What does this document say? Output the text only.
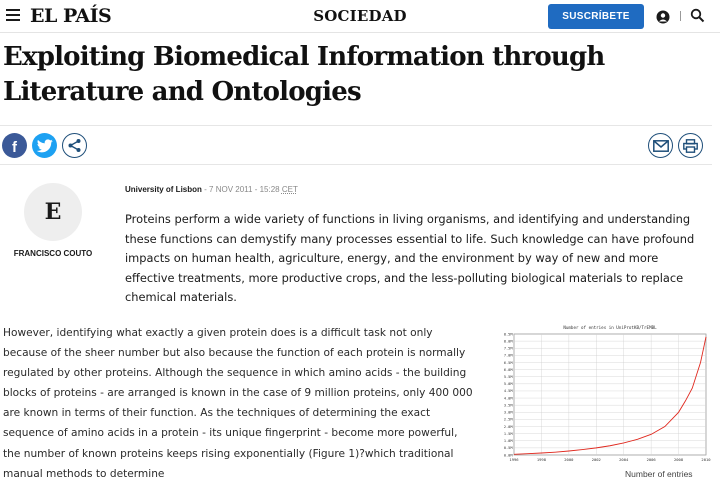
EL PAÍS	SOCIEDAD	SUSCRÍBETE
Exploiting Biomedical Information through Literature and Ontologies
f
E
FRANCISCO COUTO
University of Lisbon - 7 NOV 2011 - 15:28 CET

Proteins perform a wide variety of functions in living organisms, and identifying and understanding these functions can demystify many processes essential to life. Such knowledge can have profound impacts on human health, agriculture, energy, and the environment by way of new and more effective treatments, more productive crops, and the less-polluting biological materials to replace chemical materials.

However, identifying what exactly a given protein does is a difficult task not only because of the sheer number but also because the function of each protein is normally regulated by other proteins. Although the sequence in which amino acids - the building blocks of proteins - are arranged is known in the case of 9 million proteins, only 400 000 are known in terms of their function. As the techniques of determining the exact sequence of amino acids in a protein - its unique fingerprint - become more powerful, the number of known proteins keeps rising exponentially (Figure 1)?which traditional manual methods to determine

Number of entries in UniProtKB/TrEMBL
0.0M
0.5M
1.0M
1.5M
2.0M
2.5M
3.0M
3.5M
4.0M
4.5M
5.0M
5.5M
6.0M
6.5M
7.0M
7.5M
8.0M
8.5M
1996	1998	2000	2002	2004	2006	2008	2010
Number of entries
